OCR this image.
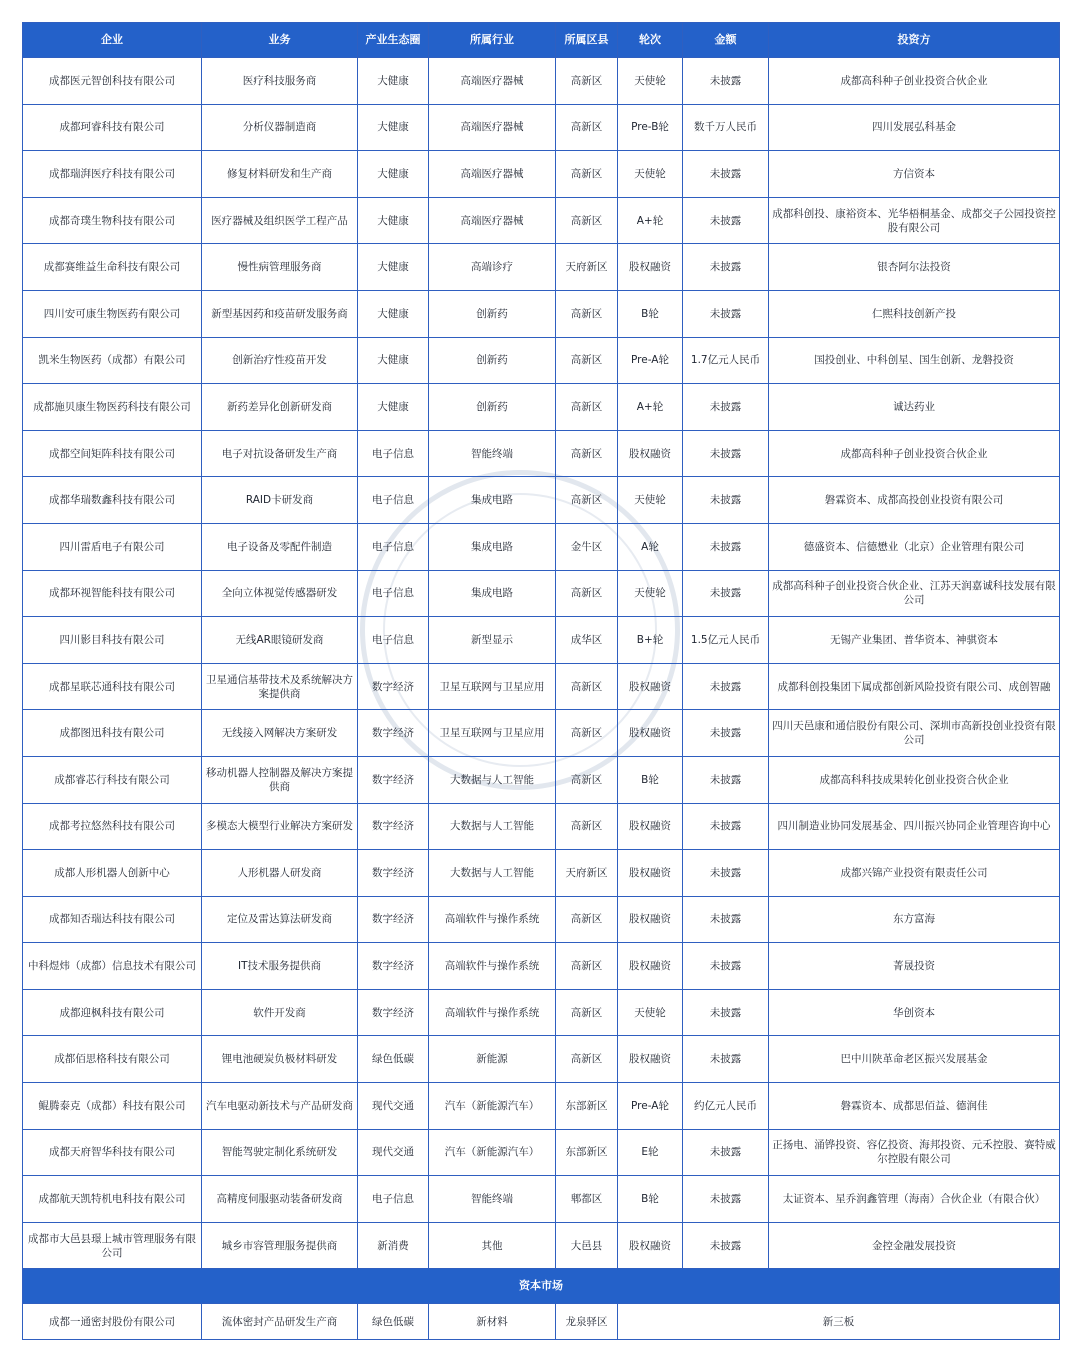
企业	业务	产业生态圈	所属行业	所属区县	轮次	金额	投资方
成都医元智创科技有限公司	医疗科技服务商	大健康	高端医疗器械	高新区	天使轮	未披露	成都高科种子创业投资合伙企业
成都珂睿科技有限公司	分析仪器制造商	大健康	高端医疗器械	高新区	Pre-B轮	数千万人民币	四川发展弘科基金
成都瑞湃医疗科技有限公司	修复材料研发和生产商	大健康	高端医疗器械	高新区	天使轮	未披露	方信资本
成都奇璞生物科技有限公司	医疗器械及组织医学工程产品	大健康	高端医疗器械	高新区	A+轮	未披露	成都科创投、康裕资本、光华梧桐基金、成都交子公园投资控股有限公司
成都赛维益生命科技有限公司	慢性病管理服务商	大健康	高端诊疗	天府新区	股权融资	未披露	银杏阿尔法投资
四川安可康生物医药有限公司	新型基因药和疫苗研发服务商	大健康	创新药	高新区	B轮	未披露	仁熙科技创新产投
凯米生物医药（成都）有限公司	创新治疗性疫苗开发	大健康	创新药	高新区	Pre-A轮	1.7亿元人民币	国投创业、中科创星、国生创新、龙磐投资
成都施贝康生物医药科技有限公司	新药差异化创新研发商	大健康	创新药	高新区	A+轮	未披露	诚达药业
成都空间矩阵科技有限公司	电子对抗设备研发生产商	电子信息	智能终端	高新区	股权融资	未披露	成都高科种子创业投资合伙企业
成都华瑞数鑫科技有限公司	RAID卡研发商	电子信息	集成电路	高新区	天使轮	未披露	磐霖资本、成都高投创业投资有限公司
四川雷盾电子有限公司	电子设备及零配件制造	电子信息	集成电路	金牛区	A轮	未披露	德盛资本、信德懋业（北京）企业管理有限公司
成都环视智能科技有限公司	全向立体视觉传感器研发	电子信息	集成电路	高新区	天使轮	未披露	成都高科种子创业投资合伙企业、江苏天润嘉诚科技发展有限公司
四川影目科技有限公司	无线AR眼镜研发商	电子信息	新型显示	成华区	B+轮	1.5亿元人民币	无锡产业集团、普华资本、神骐资本
成都星联芯通科技有限公司	卫星通信基带技术及系统解决方案提供商	数字经济	卫星互联网与卫星应用	高新区	股权融资	未披露	成都科创投集团下属成都创新风险投资有限公司、成创智融
成都图迅科技有限公司	无线接入网解决方案研发	数字经济	卫星互联网与卫星应用	高新区	股权融资	未披露	四川天邑康和通信股份有限公司、深圳市高新投创业投资有限公司
成都睿芯行科技有限公司	移动机器人控制器及解决方案提供商	数字经济	大数据与人工智能	高新区	B轮	未披露	成都高科科技成果转化创业投资合伙企业
成都考拉悠然科技有限公司	多模态大模型行业解决方案研发	数字经济	大数据与人工智能	高新区	股权融资	未披露	四川制造业协同发展基金、四川振兴协同企业管理咨询中心
成都人形机器人创新中心	人形机器人研发商	数字经济	大数据与人工智能	天府新区	股权融资	未披露	成都兴锦产业投资有限责任公司
成都知否瑞达科技有限公司	定位及雷达算法研发商	数字经济	高端软件与操作系统	高新区	股权融资	未披露	东方富海
中科煜炜（成都）信息技术有限公司	IT技术服务提供商	数字经济	高端软件与操作系统	高新区	股权融资	未披露	菁晟投资
成都迎枫科技有限公司	软件开发商	数字经济	高端软件与操作系统	高新区	天使轮	未披露	华创资本
成都佰思格科技有限公司	锂电池硬炭负极材料研发	绿色低碳	新能源	高新区	股权融资	未披露	巴中川陕革命老区振兴发展基金
鲲腾泰克（成都）科技有限公司	汽车电驱动新技术与产品研发商	现代交通	汽车（新能源汽车）	东部新区	Pre-A轮	约亿元人民币	磐霖资本、成都思佰益、德润佳
成都天府智华科技有限公司	智能驾驶定制化系统研发	现代交通	汽车（新能源汽车）	东部新区	E轮	未披露	正扬电、涌铧投资、容亿投资、海邦投资、元禾控股、赛特威尔控股有限公司
成都航天凯特机电科技有限公司	高精度伺服驱动装备研发商	电子信息	智能终端	郫都区	B轮	未披露	太证资本、星乔润鑫管理（海南）合伙企业（有限合伙）
成都市大邑县璟上城市管理服务有限公司	城乡市容管理服务提供商	新消费	其他	大邑县	股权融资	未披露	金控金融发展投资
资本市场							
成都一通密封股份有限公司	流体密封产品研发生产商	绿色低碳	新材料	龙泉驿区	新三板		
